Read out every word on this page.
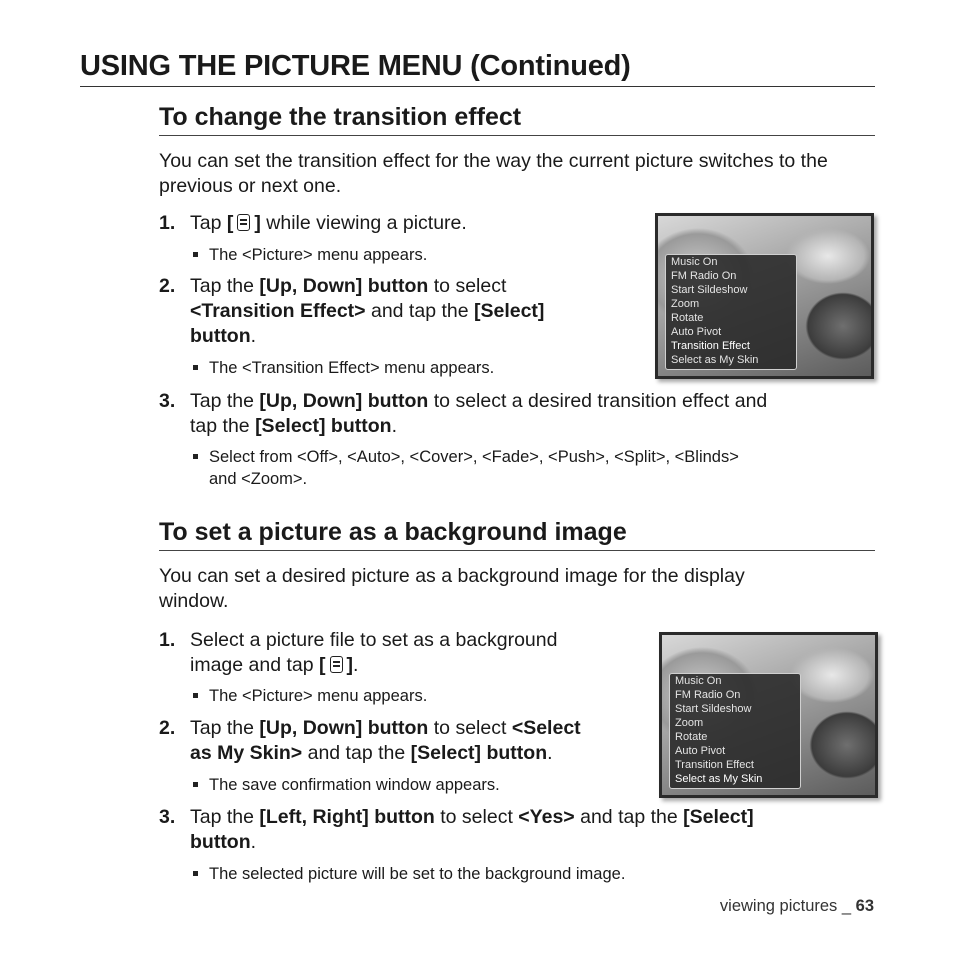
USING THE PICTURE MENU (Continued)
To change the transition effect
You can set the transition effect for the way the current picture switches to the previous or next one.
1. Tap [ ] while viewing a picture.
The <Picture> menu appears.
2. Tap the [Up, Down] button to select
<Transition Effect> and tap the [Select]
button.
The <Transition Effect> menu appears.
Music On
FM Radio On
Start Sildeshow
Zoom
Rotate
Auto Pivot
Transition Effect
Select as My Skin
3. Tap the [Up, Down] button to select a desired transition effect and
tap the [Select] button.
Select from <Off>, <Auto>, <Cover>, <Fade>, <Push>, <Split>, <Blinds>
and <Zoom>.
To set a picture as a background image
You can set a desired picture as a background image for the display
window.
1. Select a picture file to set as a background
image and tap [ ].
The <Picture> menu appears.
2. Tap the [Up, Down] button to select <Select
as My Skin> and tap the [Select] button.
The save confirmation window appears.
Music On
FM Radio On
Start Sildeshow
Zoom
Rotate
Auto Pivot
Transition Effect
Select as My Skin
3. Tap the [Left, Right] button to select <Yes> and tap the [Select]
button.
The selected picture will be set to the background image.
viewing pictures _ 63
